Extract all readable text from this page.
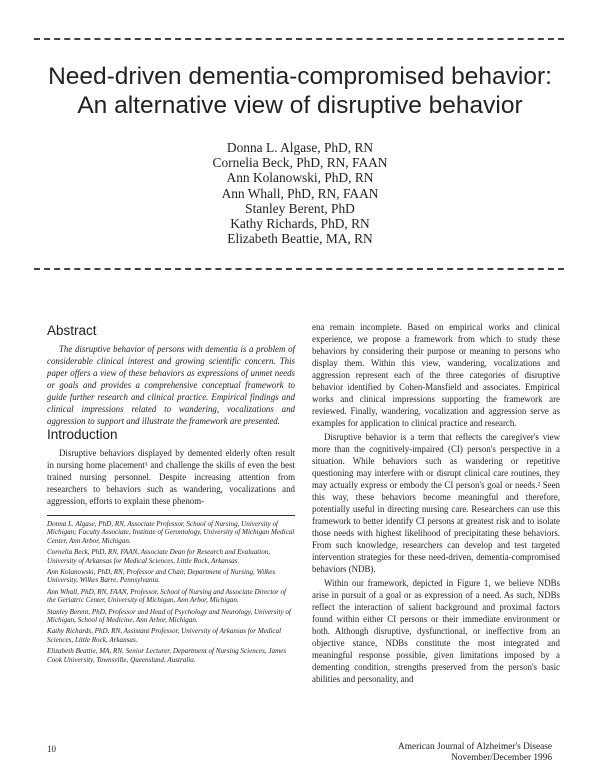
Need-driven dementia-compromised behavior:
An alternative view of disruptive behavior
Donna L. Algase, PhD, RN
Cornelia Beck, PhD, RN, FAAN
Ann Kolanowski, PhD, RN
Ann Whall, PhD, RN, FAAN
Stanley Berent, PhD
Kathy Richards, PhD, RN
Elizabeth Beattie, MA, RN
Abstract

The disruptive behavior of persons with dementia is a problem of considerable clinical interest and growing scientific concern. This paper offers a view of these behaviors as expressions of unmet needs or goals and provides a comprehensive conceptual framework to guide further research and clinical practice. Empirical findings and clinical impressions related to wandering, vocalizations and aggression to support and illustrate the framework are presented.

Introduction

Disruptive behaviors displayed by demented elderly often result in nursing home placement¹ and challenge the skills of even the best trained nursing personnel. Despite increasing attention from researchers to behaviors such as wandering, vocalizations and aggression, efforts to explain these phenom-

Donna L. Algase, PhD, RN, Associate Professor, School of Nursing, University of Michigan; Faculty Associate, Institute of Gerontology, University of Michigan Medical Center, Ann Arbor, Michigan.

Cornelia Beck, PhD, RN, FAAN, Associate Dean for Research and Evaluation, University of Arkansas for Medical Sciences, Little Rock, Arkansas.

Ann Kolanowski, PhD, RN, Professor and Chair, Department of Nursing, Wilkes University, Wilkes Barre, Pennsylvania.

Ann Whall, PhD, RN, FAAN, Professor, School of Nursing and Associate Director of the Geriatric Center, University of Michigan, Ann Arbor, Michigan.

Stanley Berent, PhD, Professor and Head of Psychology and Neurology, University of Michigan, School of Medicine, Ann Arbor, Michigan.

Kathy Richards, PhD, RN, Assistant Professor, University of Arkansas for Medical Sciences, Little Rock, Arkansas.

Elizabeth Beattie, MA, RN, Senior Lecturer, Department of Nursing Sciences, James Cook University, Townsville, Queensland, Australia.

ena remain incomplete. Based on empirical works and clinical experience, we propose a framework from which to study these behaviors by considering their purpose or meaning to persons who display them. Within this view, wandering, vocalizations and aggression represent each of the three categories of disruptive behavior identified by Cohen-Mansfield and associates. Empirical works and clinical impressions supporting the framework are reviewed. Finally, wandering, vocalization and aggression serve as examples for application to clinical practice and research.

Disruptive behavior is a term that reflects the caregiver's view more than the cognitively-impaired (CI) person's perspective in a situation. While behaviors such as wandering or repetitive questioning may interfere with or disrupt clinical care routines, they may actually express or embody the CI person's goal or needs.² Seen this way, these behaviors become meaningful and therefore, potentially useful in directing nursing care. Researchers can use this framework to better identify CI persons at greatest risk and to isolate those needs with highest likelihood of precipitating these behaviors. From such knowledge, researchers can develop and test targeted intervention strategies for these need-driven, dementia-compromised behaviors (NDB).

Within our framework, depicted in Figure 1, we believe NDBs arise in pursuit of a goal or as expression of a need. As such, NDBs reflect the interaction of salient background and proximal factors found within either CI persons or their immediate environment or both. Although disruptive, dysfunctional, or ineffective from an objective stance, NDBs constitute the most integrated and meaningful response possible, given limitations imposed by a dementing condition, strengths preserved from the person's basic abilities and personality, and

10	American Journal of Alzheimer's Disease
November/December 1996
